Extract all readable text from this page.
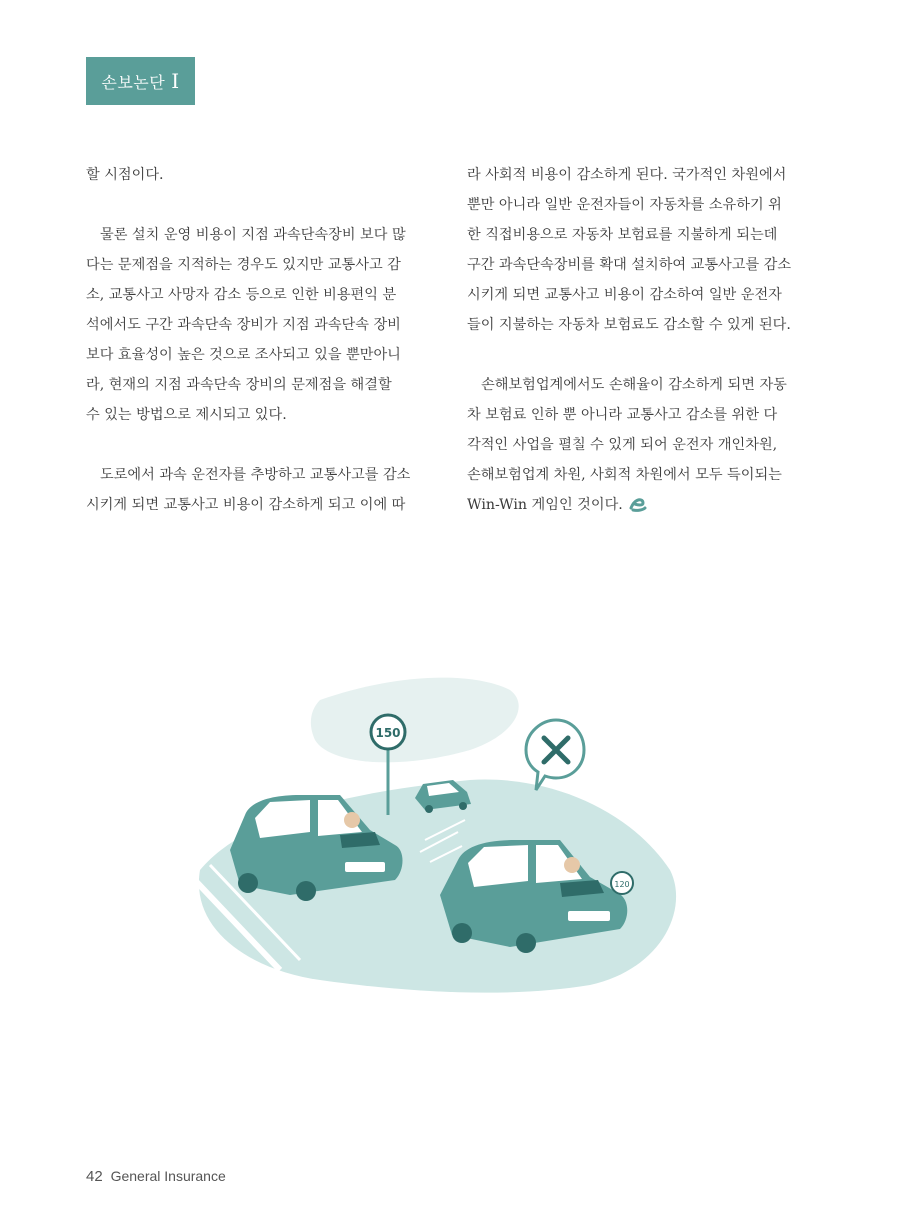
손보논단 I

할 시점이다.

물론 설치 운영 비용이 지점 과속단속장비 보다 많
다는 문제점을 지적하는 경우도 있지만 교통사고 감
소, 교통사고 사망자 감소 등으로 인한 비용편익 분
석에서도 구간 과속단속 장비가 지점 과속단속 장비
보다 효율성이 높은 것으로 조사되고 있을 뿐만아니
라, 현재의 지점 과속단속 장비의 문제점을 해결할
수 있는 방법으로 제시되고 있다.

도로에서 과속 운전자를 추방하고 교통사고를 감소
시키게 되면 교통사고 비용이 감소하게 되고 이에 따

라 사회적 비용이 감소하게 된다. 국가적인 차원에서
뿐만 아니라 일반 운전자들이 자동차를 소유하기 위
한 직접비용으로 자동차 보험료를 지불하게 되는데
구간 과속단속장비를 확대 설치하여 교통사고를 감소
시키게 되면 교통사고 비용이 감소하여 일반 운전자
들이 지불하는 자동차 보험료도 감소할 수 있게 된다.

손해보험업계에서도 손해율이 감소하게 되면 자동
차 보험료 인하 뿐 아니라 교통사고 감소를 위한 다
각적인 사업을 펼칠 수 있게 되어 운전자 개인차원,
손해보험업계 차원, 사회적 차원에서 모두 득이되는
Win-Win 게임인 것이다.

150
120
42 General Insurance
